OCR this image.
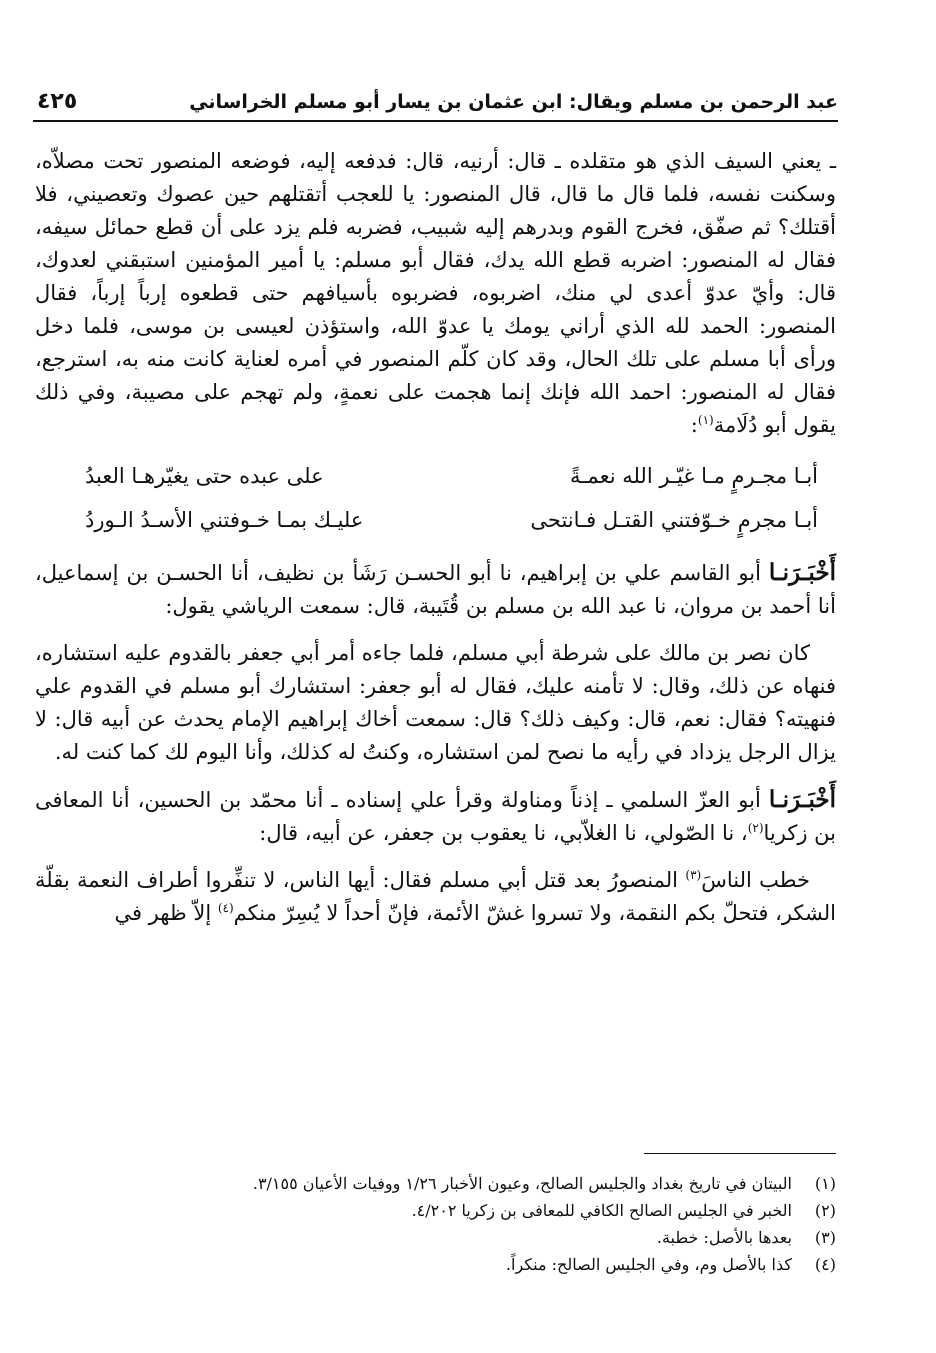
عبد الرحمن بن مسلم ويقال: ابن عثمان بن يسار أبو مسلم الخراساني
٤٢٥

ـ يعني السيف الذي هو متقلده ـ قال: أرنيه، قال: فدفعه إليه، فوضعه المنصور تحت مصلاّه، وسكنت نفسه، فلما قال ما قال، قال المنصور: يا للعجب أتقتلهم حين عصوك وتعصيني، فلا أقتلك؟ ثم صفّق، فخرج القوم وبدرهم إليه شبيب، فضربه فلم يزد على أن قطع حمائل سيفه، فقال له المنصور: اضربه قطع الله يدك، فقال أبو مسلم: يا أمير المؤمنين استبقني لعدوك، قال: وأيّ عدوّ أعدى لي منك، اضربوه، فضربوه بأسيافهم حتى قطعوه إرباً إرباً، فقال المنصور: الحمد لله الذي أراني يومك يا عدوّ الله، واستؤذن لعيسى بن موسى، فلما دخل ورأى أبا مسلم على تلك الحال، وقد كان كلّم المنصور في أمره لعناية كانت منه به، استرجع، فقال له المنصور: احمد الله فإنك إنما هجمت على نعمةٍ، ولم تهجم على مصيبة، وفي ذلك يقول أبو دُلَامة$^{(١)}$:

أبـا مجـرمٍ مـا غيّـر الله نعمـةً
على عبده حتى يغيّرهـا العبدُ
أبـا مجرمٍ خـوّفتني القتـل فـانتحى
عليـك بمـا خـوفتني الأسـدُ الـوردُ

أَخْبَـرَنـا أبو القاسم علي بن إبراهيم، نا أبو الحسـن رَشَأ بن نظيف، أنا الحسـن بن إسماعيل، أنا أحمد بن مروان، نا عبد الله بن مسلم بن قُتَيبة، قال: سمعت الرياشي يقول:

كان نصر بن مالك على شرطة أبي مسلم، فلما جاءه أمر أبي جعفر بالقدوم عليه استشاره، فنهاه عن ذلك، وقال: لا تأمنه عليك، فقال له أبو جعفر: استشارك أبو مسلم في القدوم علي فنهيته؟ فقال: نعم، قال: وكيف ذلك؟ قال: سمعت أخاك إبراهيم الإمام يحدث عن أبيه قال: لا يزال الرجل يزداد في رأيه ما نصح لمن استشاره، وكنتُ له كذلك، وأنا اليوم لك كما كنت له.

أَخْبَـرَنـا أبو العزّ السلمي ـ إذناً ومناولة وقرأ علي إسناده ـ أنا محمّد بن الحسين، أنا المعافى بن زكريا$^{(٢)}$، نا الصّولي، نا الغلاّبي، نا يعقوب بن جعفر، عن أبيه، قال:

خطب الناسَ$^{(٣)}$ المنصورُ بعد قتل أبي مسلم فقال: أيها الناس، لا تنفِّروا أطراف النعمة بقلّة الشكر، فتحلّ بكم النقمة، ولا تسروا غشّ الأئمة، فإنّ أحداً لا يُسِرّ منكم$^{(٤)}$ إلاّ ظهر في

(١)
البيتان في تاريخ بغداد والجليس الصالح، وعيون الأخبار ١/٢٦ ووفيات الأعيان ٣/١٥٥.
(٢)
الخبر في الجليس الصالح الكافي للمعافى بن زكريا ٤/٢٠٢.
(٣)
بعدها بالأصل: خطبة.
(٤)
كذا بالأصل وم، وفي الجليس الصالح: منكراً.
